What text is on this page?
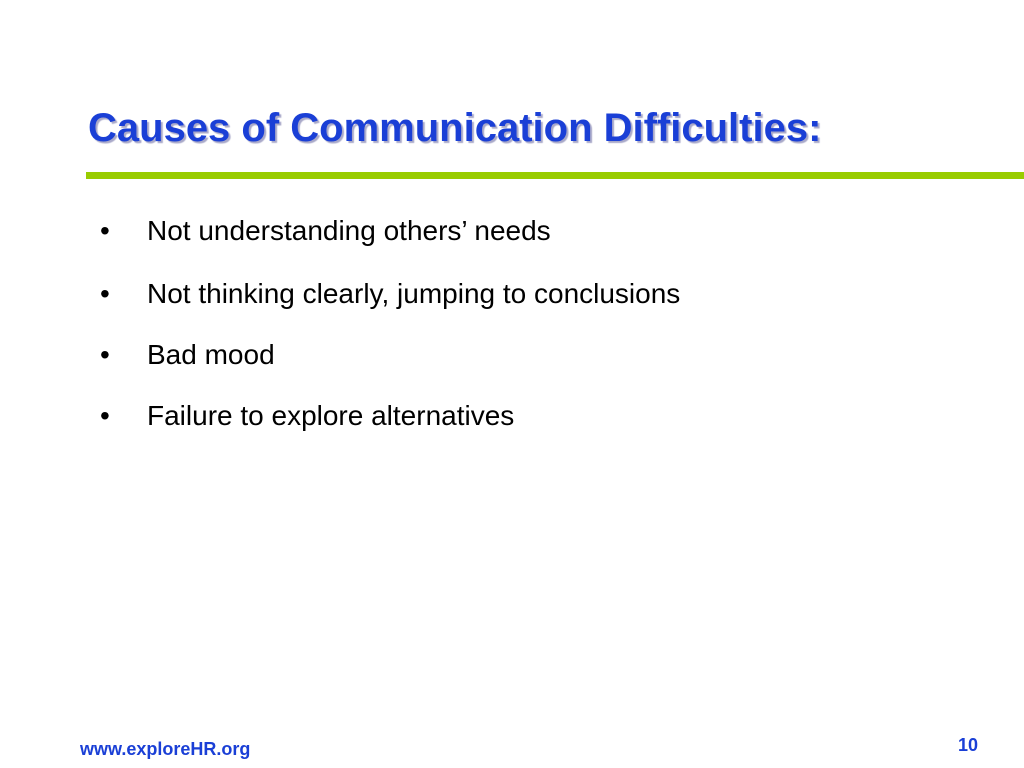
Causes of Communication Difficulties:
• Not understanding others’ needs
• Not thinking clearly, jumping to conclusions
• Bad mood
• Failure to explore alternatives
www.exploreHR.org	10
